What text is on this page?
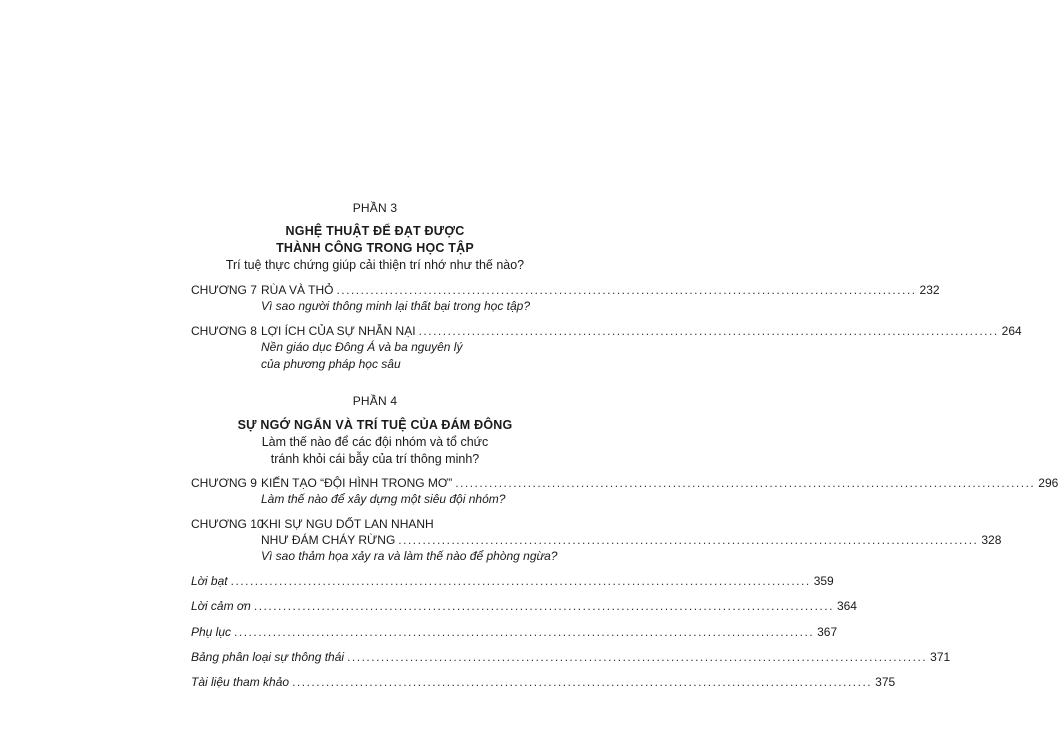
PHẦN 3
NGHỆ THUẬT ĐỂ ĐẠT ĐƯỢC
THÀNH CÔNG TRONG HỌC TẬP
Trí tuệ thực chứng giúp cải thiện trí nhớ như thế nào?
CHƯƠNG 7 RÙA VÀ THỎ ........................................................................................................................ 232
Vì sao người thông minh lại thất bại trong học tập?
CHƯƠNG 8 LỢI ÍCH CỦA SỰ NHẪN NẠI ........................................................................................................................ 264
Nền giáo dục Đông Á và ba nguyên lý
của phương pháp học sâu
PHẦN 4
SỰ NGỚ NGẨN VÀ TRÍ TUỆ CỦA ĐÁM ĐÔNG
Làm thế nào để các đội nhóm và tổ chức
tránh khỏi cái bẫy của trí thông minh?
CHƯƠNG 9 KIẾN TẠO “ĐỘI HÌNH TRONG MƠ” ........................................................................................................................ 296
Làm thế nào để xây dựng một siêu đội nhóm?
CHƯƠNG 10
KHI SỰ NGU DỐT LAN NHANH
NHƯ ĐÁM CHÁY RỪNG ........................................................................................................................ 328
Vì sao thảm họa xảy ra và làm thế nào để phòng ngừa?
Lời bạt ........................................................................................................................ 359
Lời cảm ơn ........................................................................................................................ 364
Phụ lục ........................................................................................................................ 367
Bảng phân loại sự thông thái ........................................................................................................................ 371
Tài liệu tham khảo ........................................................................................................................ 375
